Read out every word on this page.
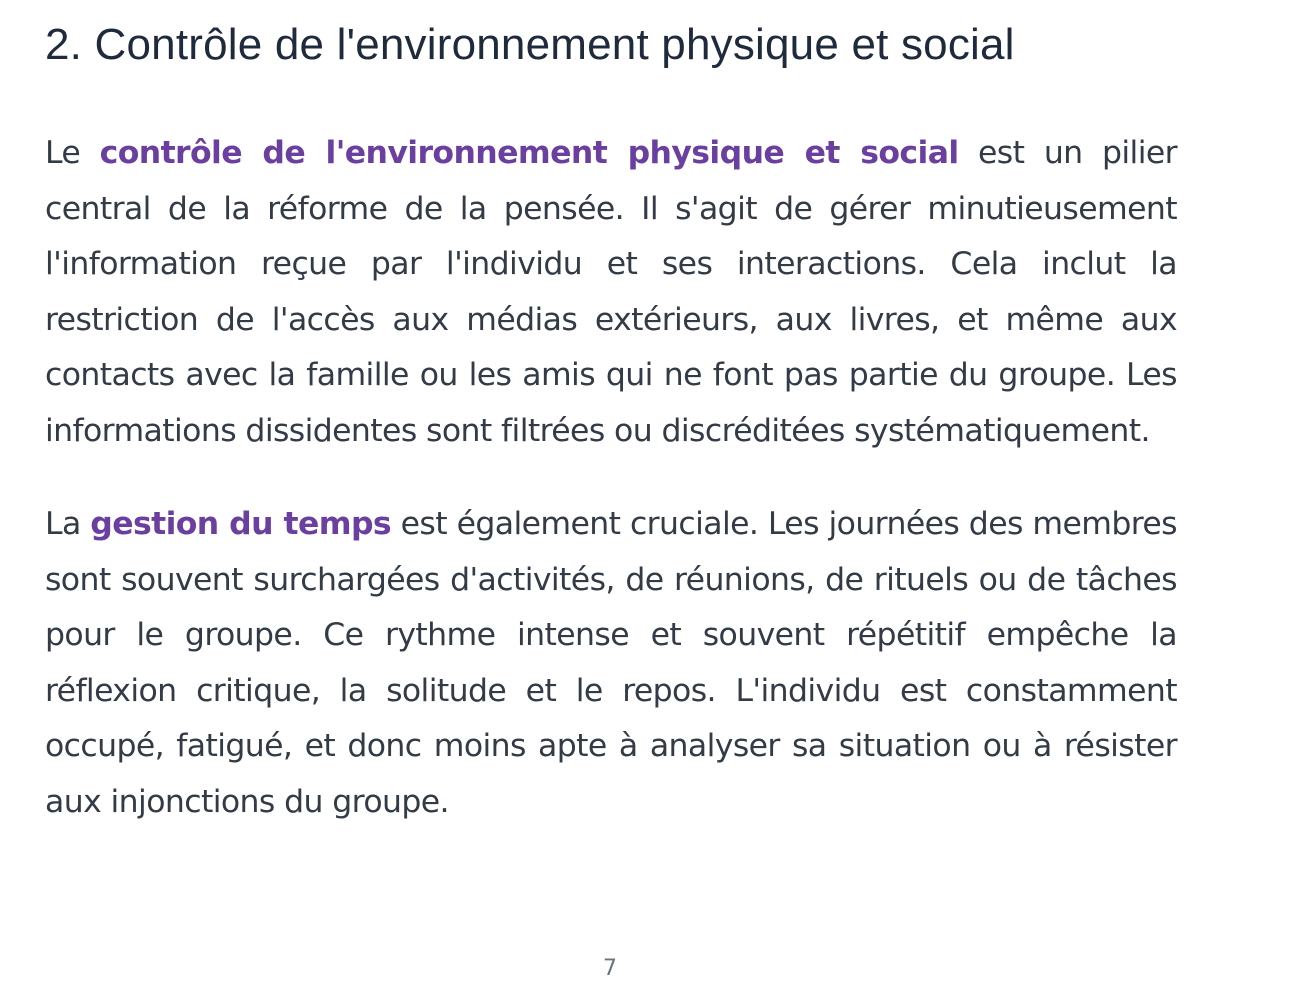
2. Contrôle de l'environnement physique et social

Le contrôle de l'environnement physique et social est un pilier central de la réforme de la pensée. Il s'agit de gérer minutieusement l'information reçue par l'individu et ses interactions. Cela inclut la restriction de l'accès aux médias extérieurs, aux livres, et même aux contacts avec la famille ou les amis qui ne font pas partie du groupe. Les informations dissidentes sont filtrées ou discréditées systématiquement.

La gestion du temps est également cruciale. Les journées des membres sont souvent surchargées d'activités, de réunions, de rituels ou de tâches pour le groupe. Ce rythme intense et souvent répétitif empêche la réflexion critique, la solitude et le repos. L'individu est constamment occupé, fatigué, et donc moins apte à analyser sa situation ou à résister aux injonctions du groupe.

7
